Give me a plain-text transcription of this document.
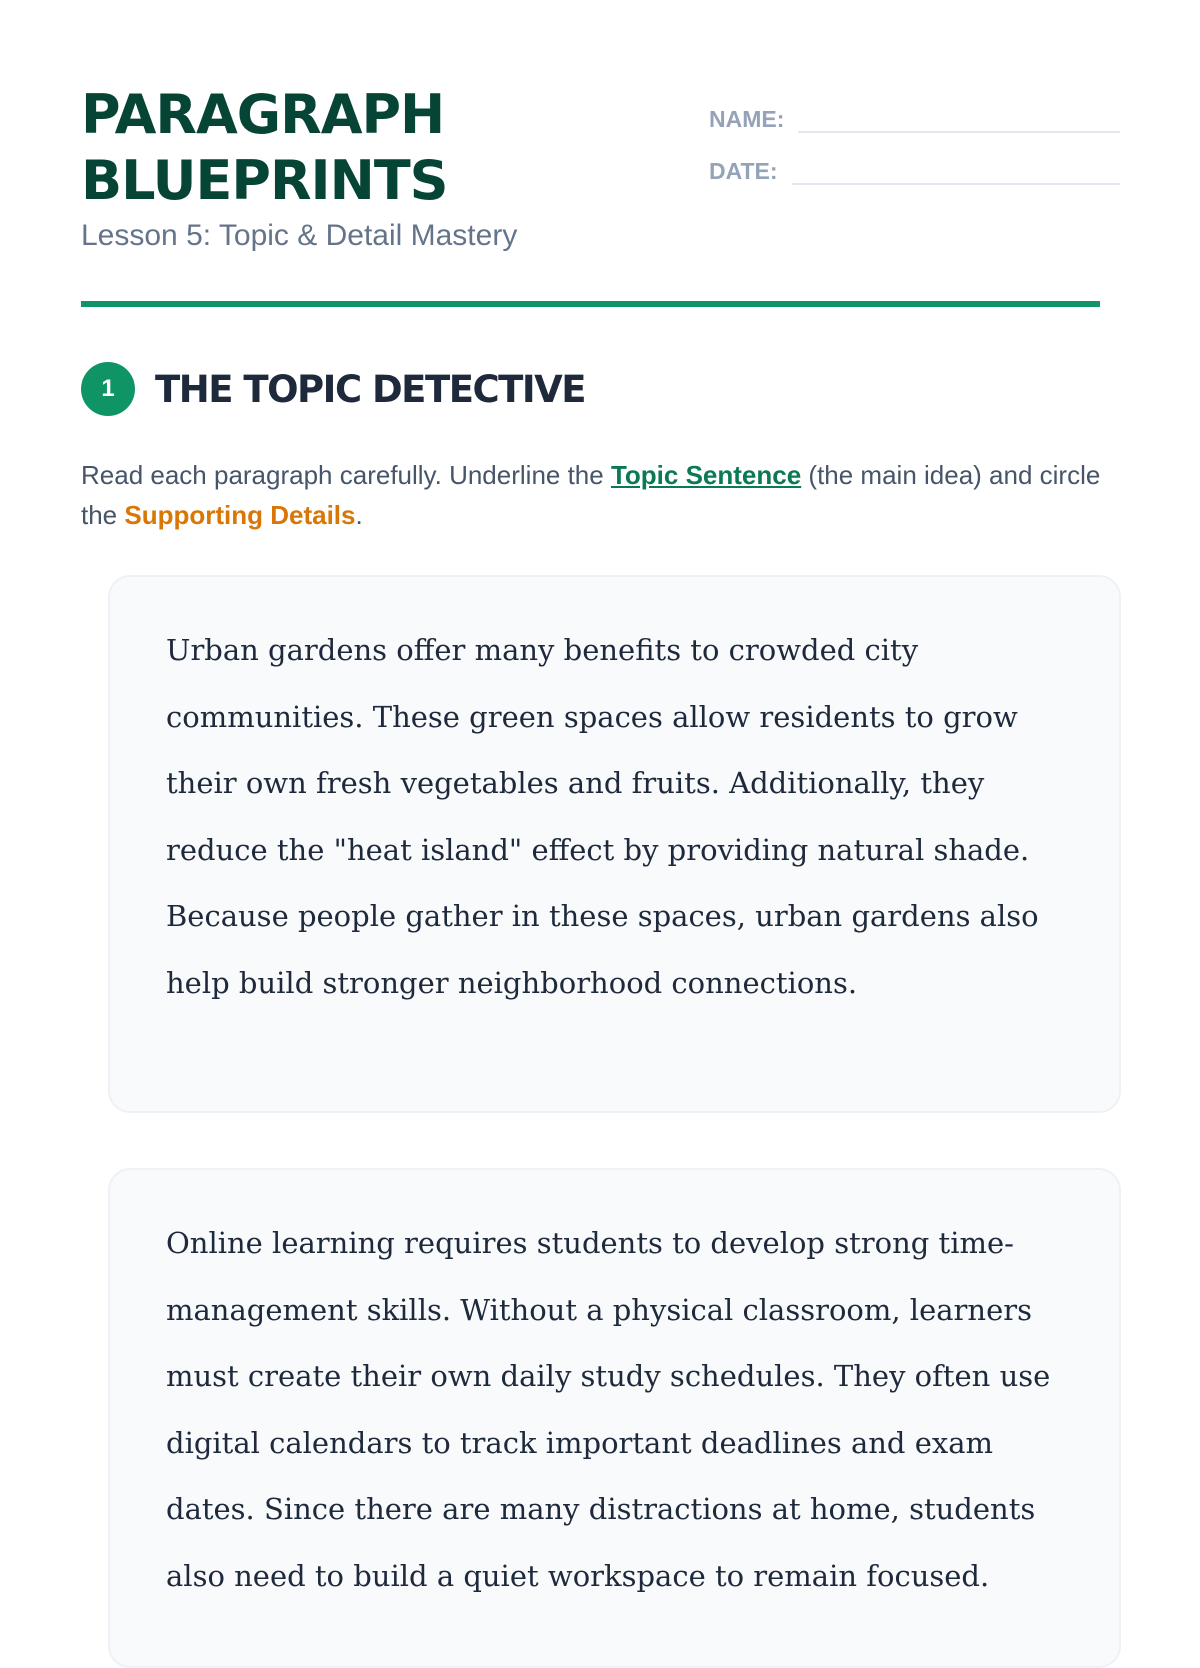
PARAGRAPH
BLUEPRINTS
Lesson 5: Topic & Detail Mastery
NAME:
DATE:
1	THE TOPIC DETECTIVE

Read each paragraph carefully. Underline the Topic Sentence (the main idea) and circle the Supporting Details.

Urban gardens offer many benefits to crowded city communities. These green spaces allow residents to grow their own fresh vegetables and fruits. Additionally, they reduce the "heat island" effect by providing natural shade. Because people gather in these spaces, urban gardens also help build stronger neighborhood connections.

Online learning requires students to develop strong time-management skills. Without a physical classroom, learners must create their own daily study schedules. They often use digital calendars to track important deadlines and exam dates. Since there are many distractions at home, students also need to build a quiet workspace to remain focused.
